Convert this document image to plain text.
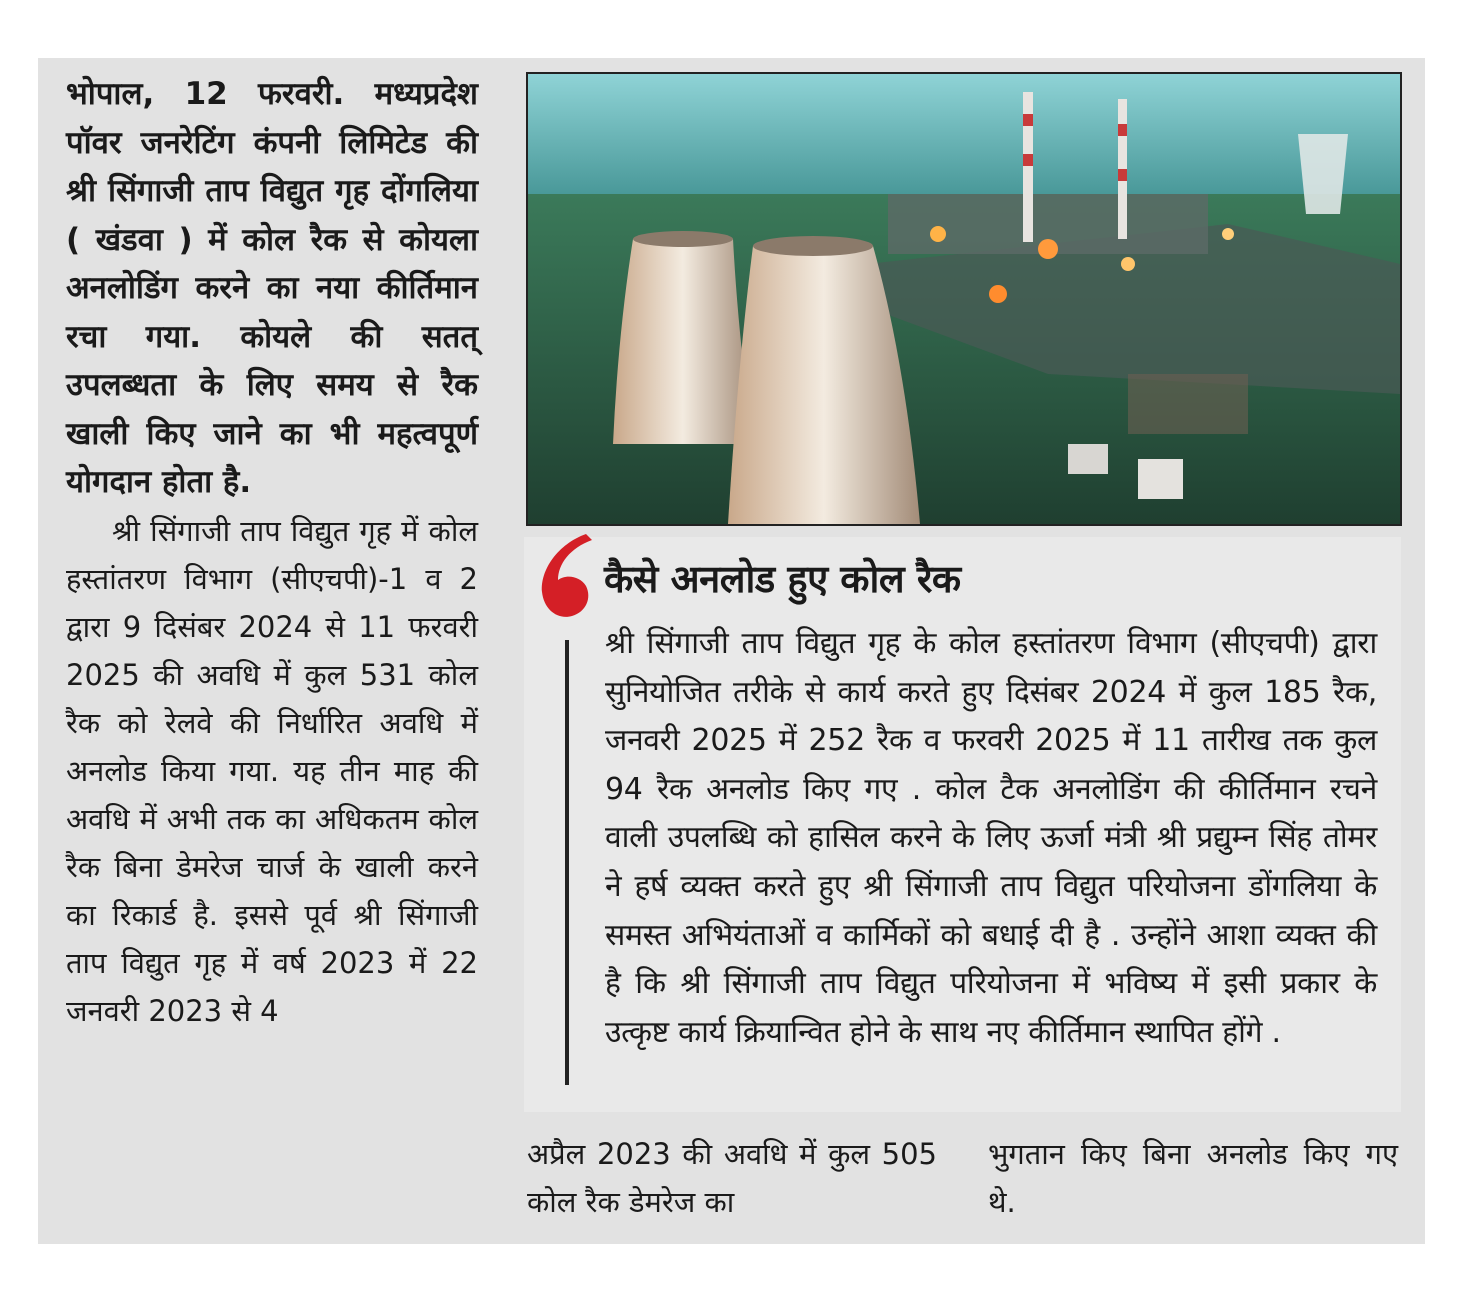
भोपाल, 12 फरवरी. मध्यप्रदेश पॉवर जनरेटिंग कंपनी लिमिटेड की श्री सिंगाजी ताप विद्युत गृह दोंगलिया ( खंडवा ) में कोल रैक से कोयला अनलोडिंग करने का नया कीर्तिमान रचा गया. कोयले की सतत् उपलब्धता के लिए समय से रैक खाली किए जाने का भी महत्वपूर्ण योगदान होता है.

श्री सिंगाजी ताप विद्युत गृह में कोल हस्तांतरण विभाग (सीएचपी)-1 व 2 द्वारा 9 दिसंबर 2024 से 11 फरवरी 2025 की अवधि में कुल 531 कोल रैक को रेलवे की निर्धारित अवधि में अनलोड किया गया. यह तीन माह की अवधि में अभी तक का अधिकतम कोल रैक बिना डेमरेज चार्ज के खाली करने का रिकार्ड है. इससे पूर्व श्री सिंगाजी ताप विद्युत गृह में वर्ष 2023 में 22 जनवरी 2023 से 4

कैसे अनलोड हुए कोल रैक

श्री सिंगाजी ताप विद्युत गृह के कोल हस्तांतरण विभाग (सीएचपी) द्वारा सुनियोजित तरीके से कार्य करते हुए दिसंबर 2024 में कुल 185 रैक, जनवरी 2025 में 252 रैक व फरवरी 2025 में 11 तारीख तक कुल 94 रैक अनलोड किए गए . कोल टैक अनलोडिंग की कीर्तिमान रचने वाली उपलब्धि को हासिल करने के लिए ऊर्जा मंत्री श्री प्रद्युम्न सिंह तोमर ने हर्ष व्यक्त करते हुए श्री सिंगाजी ताप विद्युत परियोजना डोंगलिया के समस्त अभियंताओं व कार्मिकों को बधाई दी है . उन्होंने आशा व्यक्त की है कि श्री सिंगाजी ताप विद्युत परियोजना में भविष्य में इसी प्रकार के उत्कृष्ट कार्य क्रियान्वित होने के साथ नए कीर्तिमान स्थापित होंगे .

अप्रैल 2023 की अवधि में कुल 505 कोल रैक डेमरेज का

भुगतान किए बिना अनलोड किए गए थे.
